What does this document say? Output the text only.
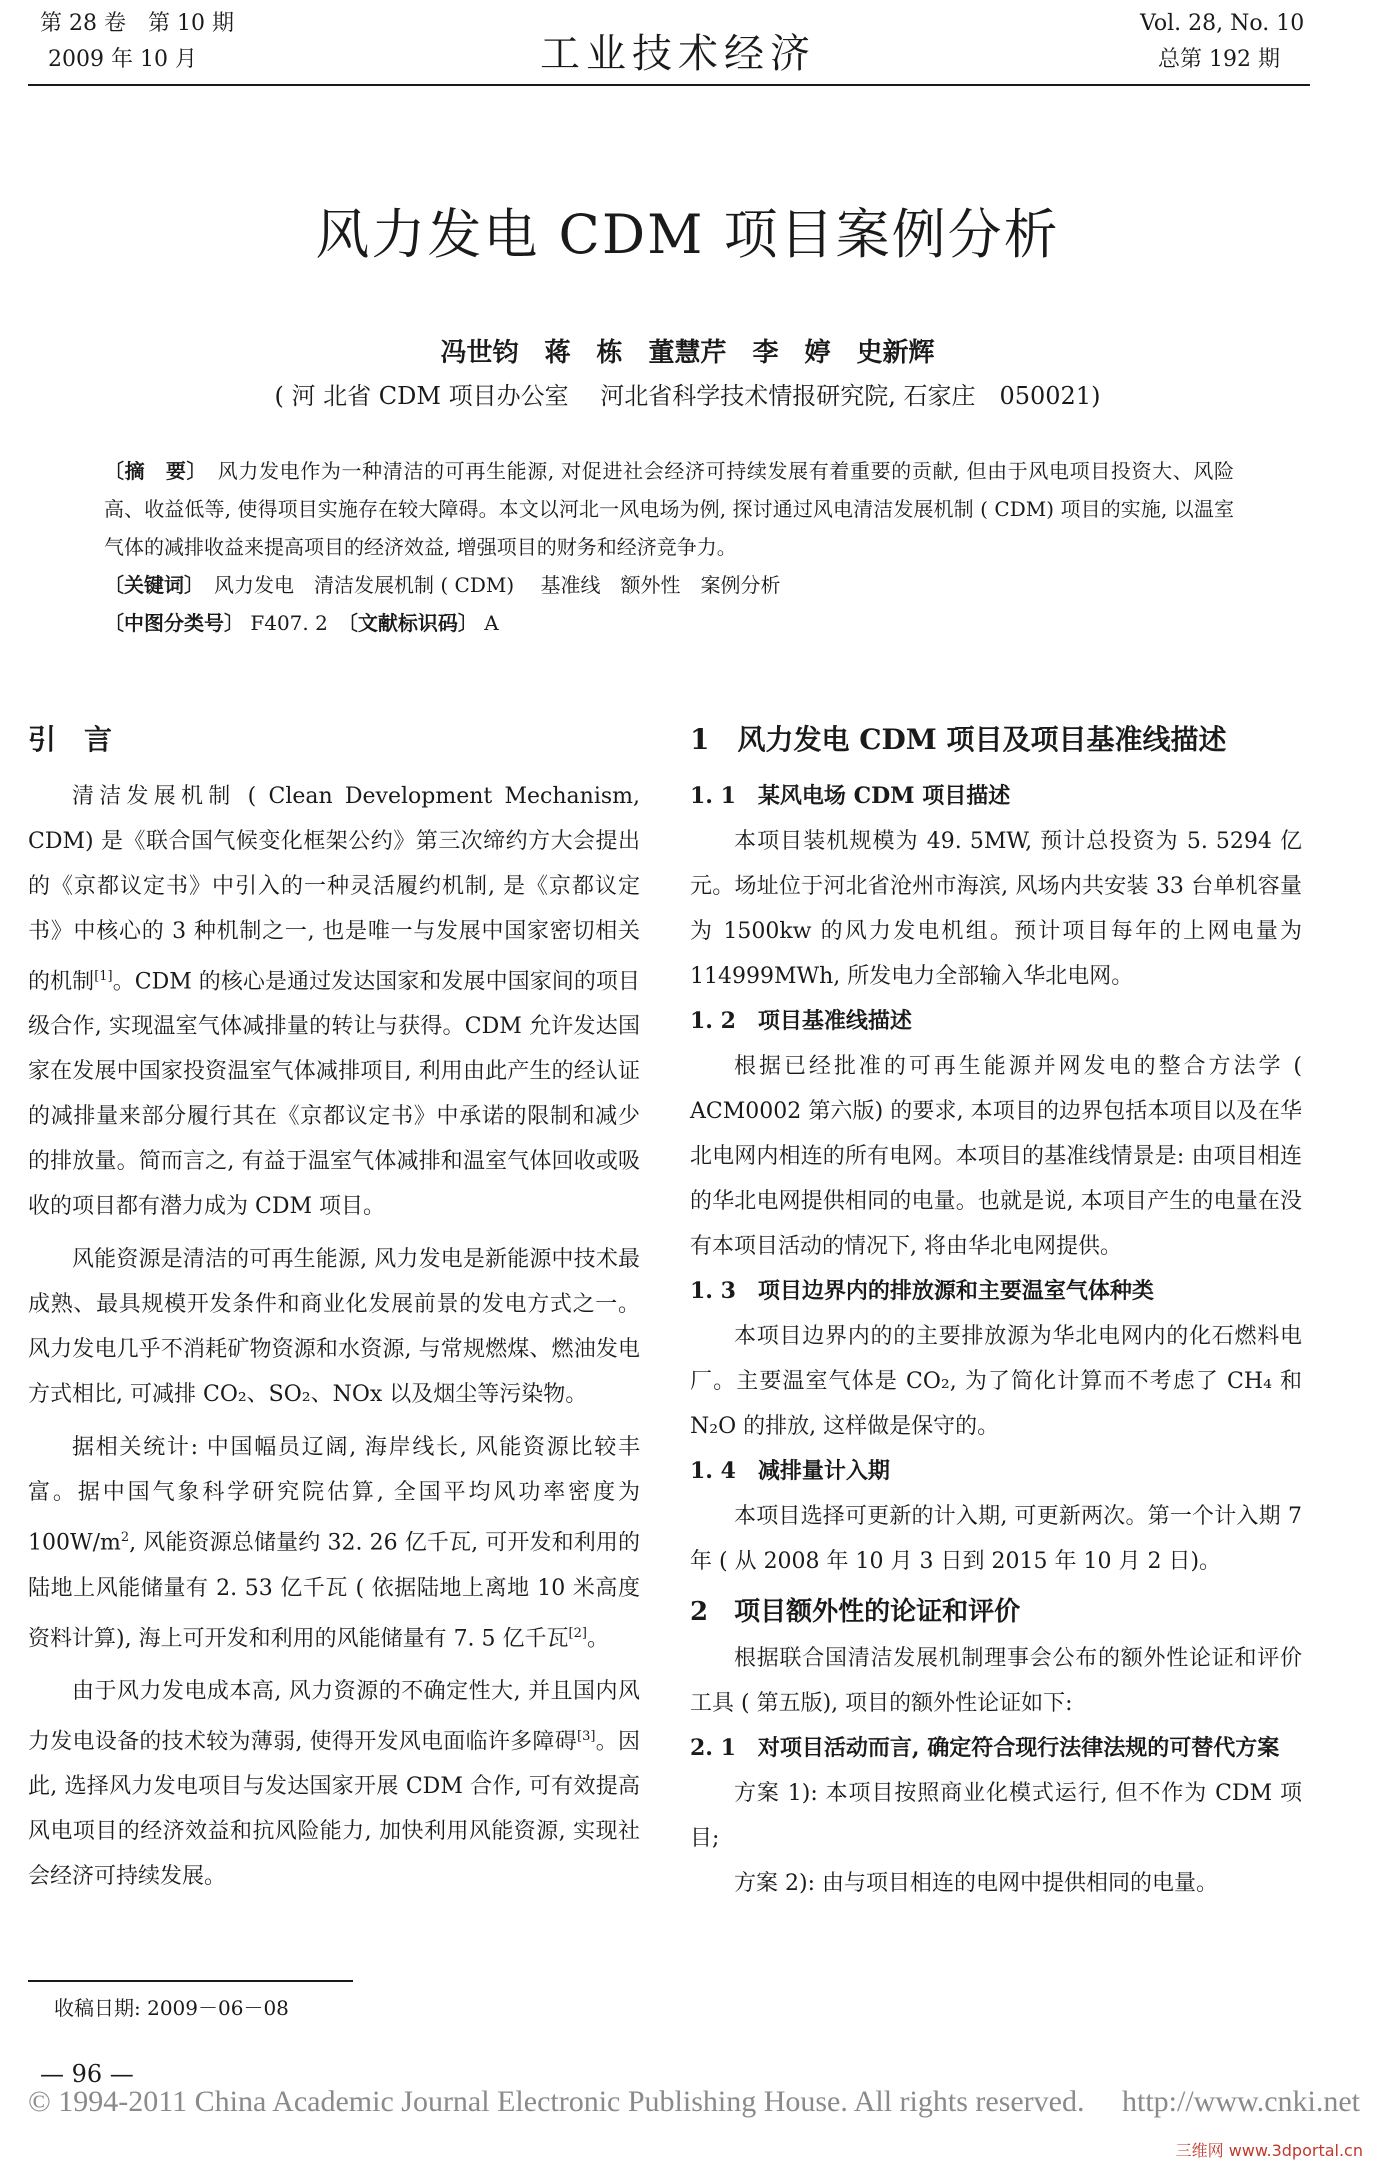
第 28 卷　第 10 期
2009 年 10 月	工业技术经济
Vol. 28, No. 10
总第 192 期
风力发电 CDM 项目案例分析
冯世钧　蒋　栋　董慧芹　李　婷　史新辉
( 河 北省 CDM 项目办公室　 河北省科学技术情报研究院, 石家庄　050021)
〔摘　要〕　风力发电作为一种清洁的可再生能源, 对促进社会经济可持续发展有着重要的贡献, 但由于风电项目投资大、风险高、收益低等, 使得项目实施存在较大障碍。本文以河北一风电场为例, 探讨通过风电清洁发展机制 ( CDM) 项目的实施, 以温室气体的减排收益来提高项目的经济效益, 增强项目的财务和经济竞争力。
〔关键词〕　风力发电　清洁发展机制 ( CDM)　 基准线　额外性　案例分析
〔中图分类号〕 F407. 2　〔文献标识码〕 A

引　言

清洁发展机制 ( Clean Development Mechanism, CDM) 是《联合国气候变化框架公约》第三次缔约方大会提出的《京都议定书》中引入的一种灵活履约机制, 是《京都议定书》中核心的 3 种机制之一, 也是唯一与发展中国家密切相关的机制[1]。CDM 的核心是通过发达国家和发展中国家间的项目级合作, 实现温室气体减排量的转让与获得。CDM 允许发达国家在发展中国家投资温室气体减排项目, 利用由此产生的经认证的减排量来部分履行其在《京都议定书》中承诺的限制和减少的排放量。简而言之, 有益于温室气体减排和温室气体回收或吸收的项目都有潜力成为 CDM 项目。

风能资源是清洁的可再生能源, 风力发电是新能源中技术最成熟、最具规模开发条件和商业化发展前景的发电方式之一。风力发电几乎不消耗矿物资源和水资源, 与常规燃煤、燃油发电方式相比, 可减排 CO₂、SO₂、NOx 以及烟尘等污染物。

据相关统计: 中国幅员辽阔, 海岸线长, 风能资源比较丰富。据中国气象科学研究院估算, 全国平均风功率密度为 $100W/m^2$, 风能资源总储量约 32. 26 亿千瓦, 可开发和利用的陆地上风能储量有 2. 53 亿千瓦 ( 依据陆地上离地 10 米高度资料计算), 海上可开发和利用的风能储量有 7. 5 亿千瓦[2]。

由于风力发电成本高, 风力资源的不确定性大, 并且国内风力发电设备的技术较为薄弱, 使得开发风电面临许多障碍[3]。因此, 选择风力发电项目与发达国家开展 CDM 合作, 可有效提高风电项目的经济效益和抗风险能力, 加快利用风能资源, 实现社会经济可持续发展。

1　风力发电 CDM 项目及项目基准线描述

1. 1　某风电场 CDM 项目描述

本项目装机规模为 49. 5MW, 预计总投资为 5. 5294 亿元。场址位于河北省沧州市海滨, 风场内共安装 33 台单机容量为 1500kw 的风力发电机组。预计项目每年的上网电量为 114999MWh, 所发电力全部输入华北电网。

1. 2　项目基准线描述

根据已经批准的可再生能源并网发电的整合方法学 ( ACM0002 第六版) 的要求, 本项目的边界包括本项目以及在华北电网内相连的所有电网。本项目的基准线情景是: 由项目相连的华北电网提供相同的电量。也就是说, 本项目产生的电量在没有本项目活动的情况下, 将由华北电网提供。

1. 3　项目边界内的排放源和主要温室气体种类

本项目边界内的的主要排放源为华北电网内的化石燃料电厂。主要温室气体是 CO₂, 为了简化计算而不考虑了 CH₄ 和 N₂O 的排放, 这样做是保守的。

1. 4　减排量计入期

本项目选择可更新的计入期, 可更新两次。第一个计入期 7 年 ( 从 2008 年 10 月 3 日到 2015 年 10 月 2 日)。

2　项目额外性的论证和评价

根据联合国清洁发展机制理事会公布的额外性论证和评价工具 ( 第五版), 项目的额外性论证如下:

2. 1　对项目活动而言, 确定符合现行法律法规的可替代方案

方案 1): 本项目按照商业化模式运行, 但不作为 CDM 项目;

方案 2): 由与项目相连的电网中提供相同的电量。

收稿日期: 2009－06－08
— 96 —
© 1994-2011 China Academic Journal Electronic Publishing House. All rights reserved.　 http://www.cnki.net
三维网 www.3dportal.cn
